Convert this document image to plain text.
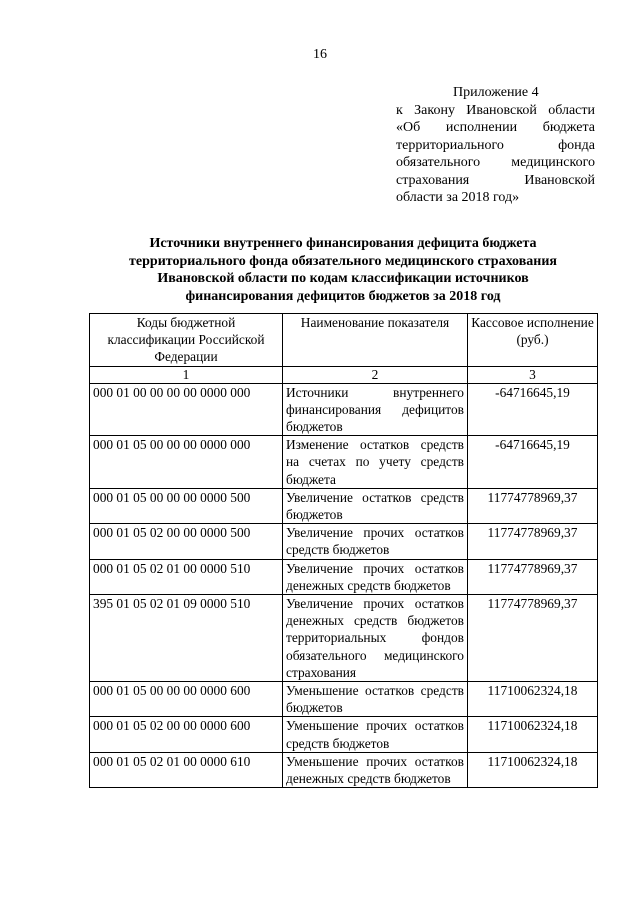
16
Приложение 4
к Закону Ивановской области
«Об исполнении бюджета
территориального фонда
обязательного медицинского
страхования Ивановской
области за 2018 год»
Источники внутреннего финансирования дефицита бюджета
территориального фонда обязательного медицинского страхования
Ивановской области по кодам классификации источников
финансирования дефицитов бюджетов за 2018 год
Коды бюджетной классификации Российской Федерации	Наименование показателя	Кассовое исполнение (руб.)
1	2	3
000 01 00 00 00 00 0000 000	Источники внутреннего финансирования дефицитов бюджетов	-64716645,19
000 01 05 00 00 00 0000 000	Изменение остатков средств на счетах по учету средств бюджета	-64716645,19
000 01 05 00 00 00 0000 500	Увеличение остатков средств бюджетов	11774778969,37
000 01 05 02 00 00 0000 500	Увеличение прочих остатков средств бюджетов	11774778969,37
000 01 05 02 01 00 0000 510	Увеличение прочих остатков денежных средств бюджетов	11774778969,37
395 01 05 02 01 09 0000 510	Увеличение прочих остатков денежных средств бюджетов территориальных фондов обязательного медицинского страхования	11774778969,37
000 01 05 00 00 00 0000 600	Уменьшение остатков средств бюджетов	11710062324,18
000 01 05 02 00 00 0000 600	Уменьшение прочих остатков средств бюджетов	11710062324,18
000 01 05 02 01 00 0000 610	Уменьшение прочих остатков денежных средств бюджетов	11710062324,18
